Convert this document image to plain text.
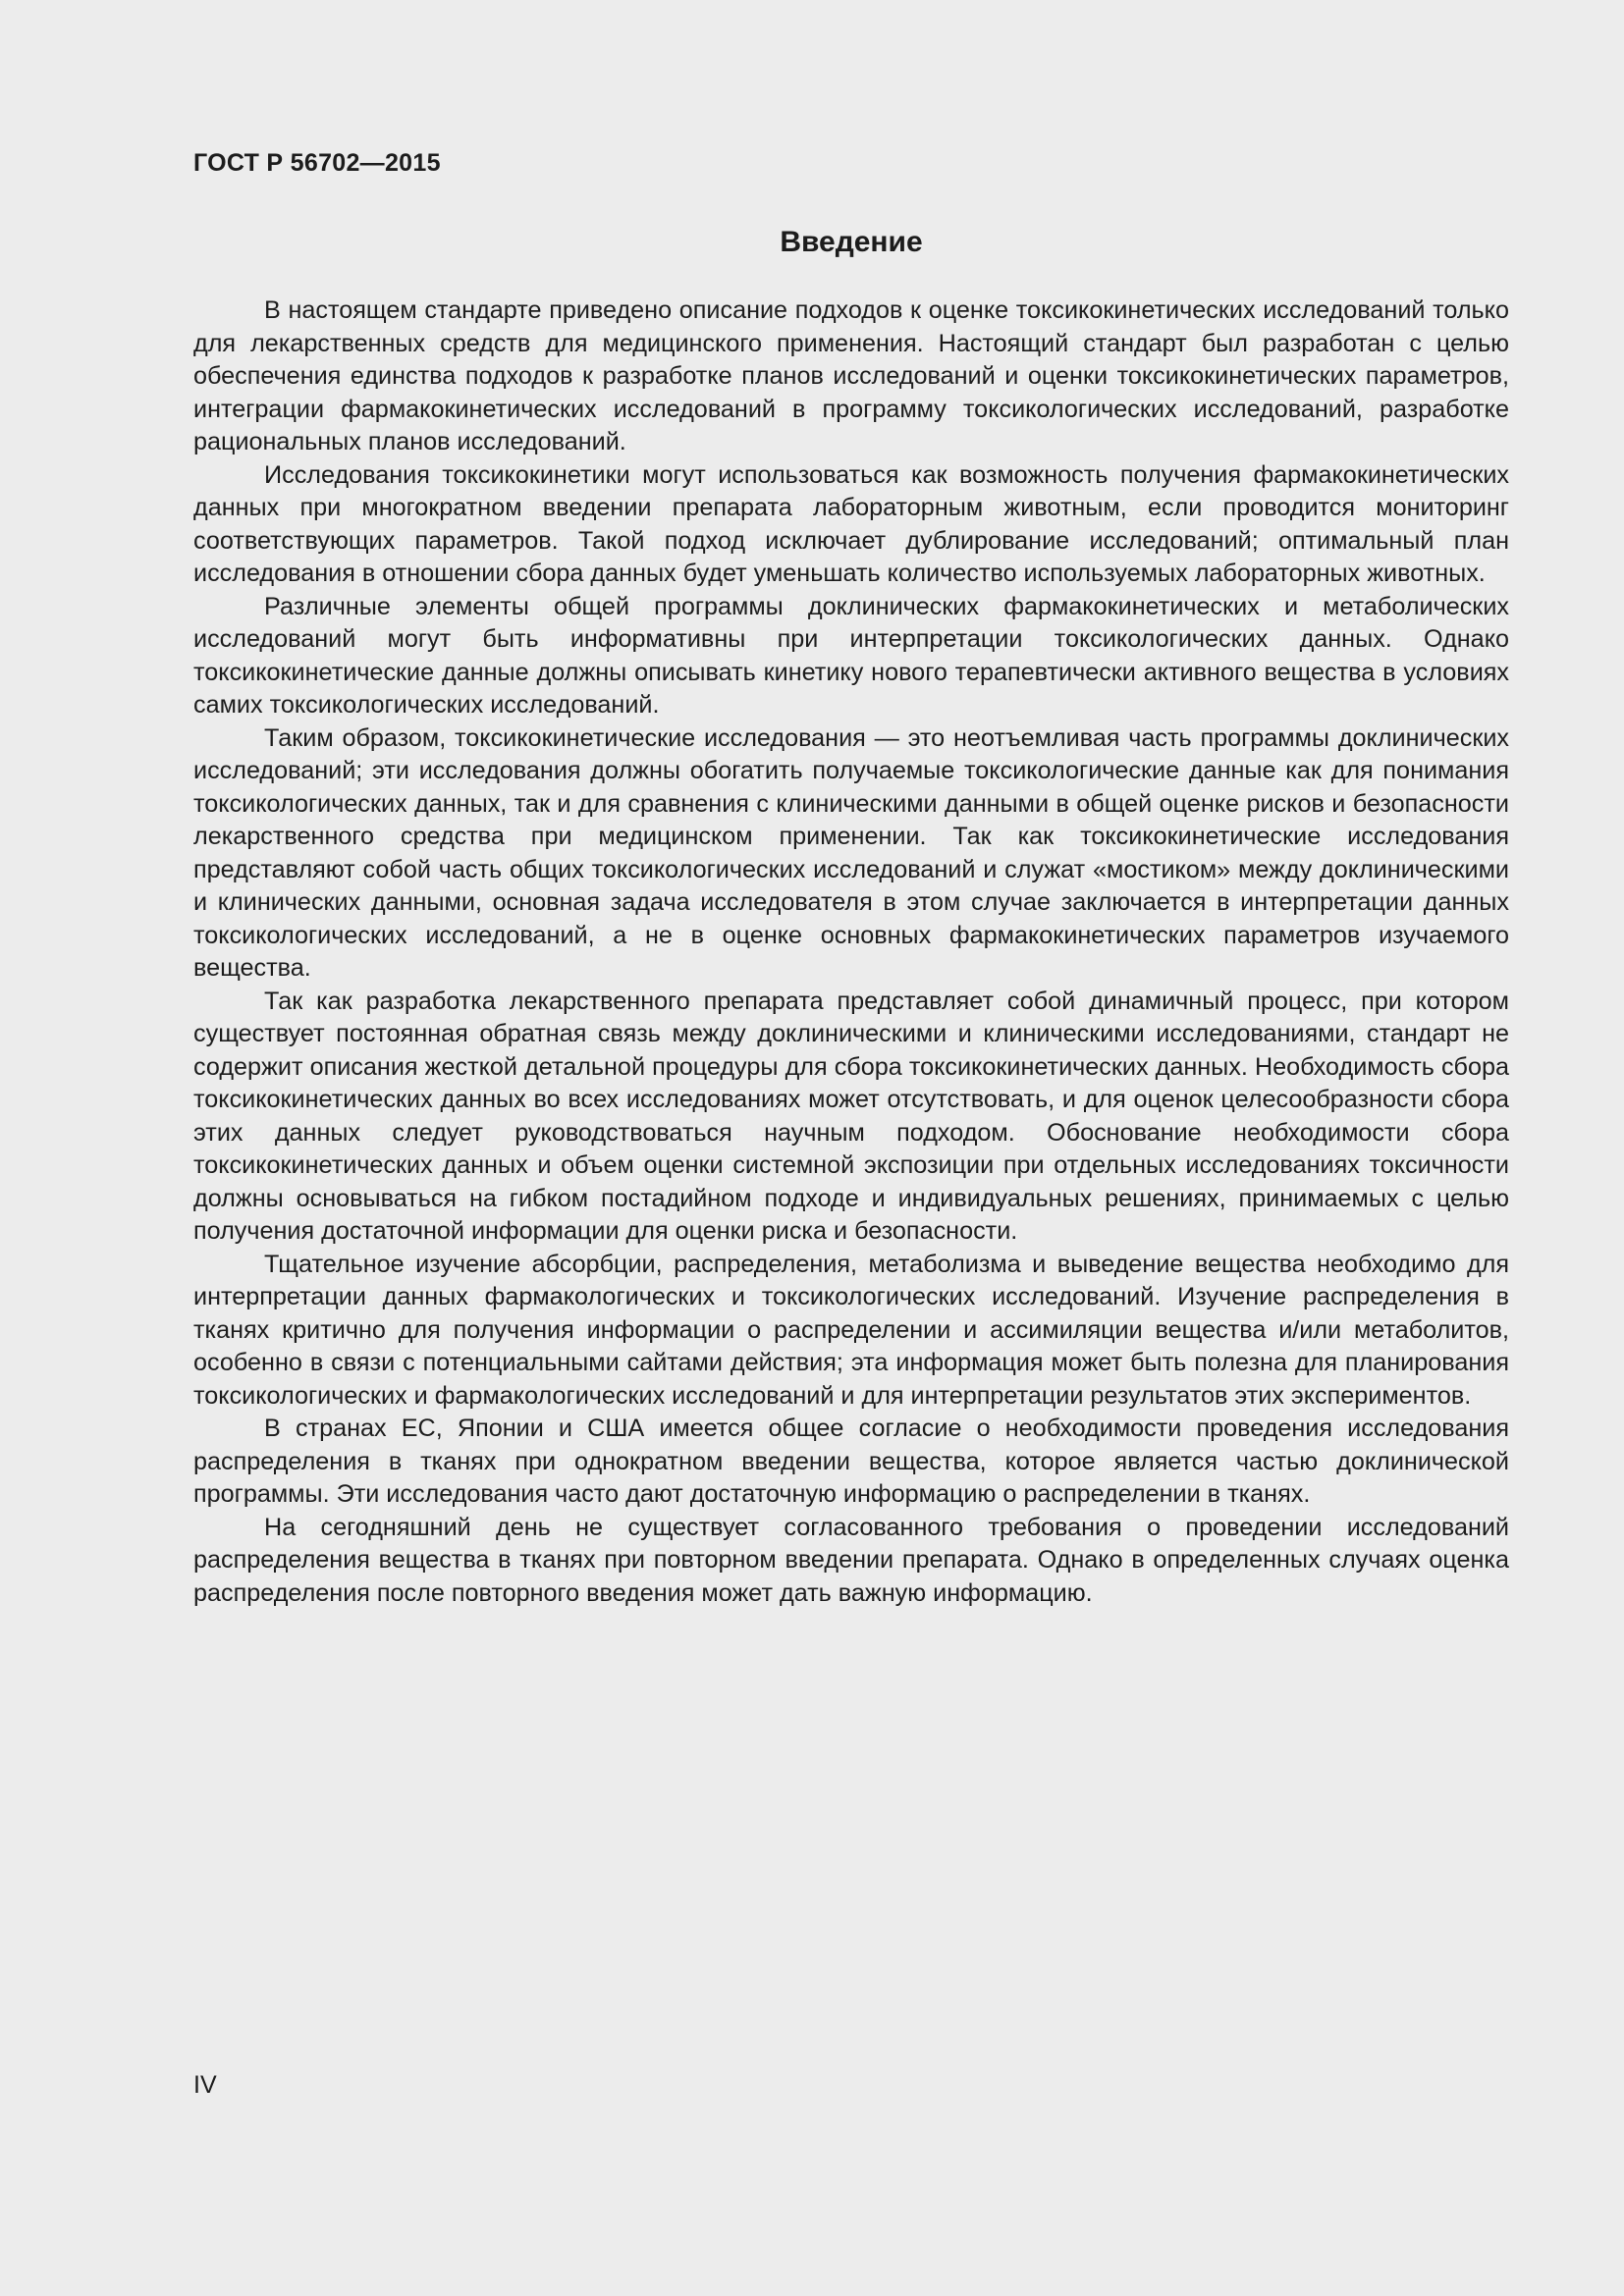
ГОСТ Р 56702—2015

Введение

В настоящем стандарте приведено описание подходов к оценке токсикокинетических исследований только для лекарственных средств для медицинского применения. Настоящий стандарт был разработан с целью обеспечения единства подходов к разработке планов исследований и оценки токсикокинетических параметров, интеграции фармакокинетических исследований в программу токсикологических исследований, разработке рациональных планов исследований.

Исследования токсикокинетики могут использоваться как возможность получения фармакокинетических данных при многократном введении препарата лабораторным животным, если проводится мониторинг соответствующих параметров. Такой подход исключает дублирование исследований; оптимальный план исследования в отношении сбора данных будет уменьшать количество используемых лабораторных животных.

Различные элементы общей программы доклинических фармакокинетических и метаболических исследований могут быть информативны при интерпретации токсикологических данных. Однако токсикокинетические данные должны описывать кинетику нового терапевтически активного вещества в условиях самих токсикологических исследований.

Таким образом, токсикокинетические исследования — это неотъемливая часть программы доклинических исследований; эти исследования должны обогатить получаемые токсикологические данные как для понимания токсикологических данных, так и для сравнения с клиническими данными в общей оценке рисков и безопасности лекарственного средства при медицинском применении. Так как токсикокинетические исследования представляют собой часть общих токсикологических исследований и служат «мостиком» между доклиническими и клинических данными, основная задача исследователя в этом случае заключается в интерпретации данных токсикологических исследований, а не в оценке основных фармакокинетических параметров изучаемого вещества.

Так как разработка лекарственного препарата представляет собой динамичный процесс, при котором существует постоянная обратная связь между доклиническими и клиническими исследованиями, стандарт не содержит описания жесткой детальной процедуры для сбора токсикокинетических данных. Необходимость сбора токсикокинетических данных во всех исследованиях может отсутствовать, и для оценок целесообразности сбора этих данных следует руководствоваться научным подходом. Обоснование необходимости сбора токсикокинетических данных и объем оценки системной экспозиции при отдельных исследованиях токсичности должны основываться на гибком постадийном подходе и индивидуальных решениях, принимаемых с целью получения достаточной информации для оценки риска и безопасности.

Тщательное изучение абсорбции, распределения, метаболизма и выведение вещества необходимо для интерпретации данных фармакологических и токсикологических исследований. Изучение распределения в тканях критично для получения информации о распределении и ассимиляции вещества и/или метаболитов, особенно в связи с потенциальными сайтами действия; эта информация может быть полезна для планирования токсикологических и фармакологических исследований и для интерпретации результатов этих экспериментов.

В странах ЕС, Японии и США имеется общее согласие о необходимости проведения исследования распределения в тканях при однократном введении вещества, которое является частью доклинической программы. Эти исследования часто дают достаточную информацию о распределении в тканях.

На сегодняшний день не существует согласованного требования о проведении исследований распределения вещества в тканях при повторном введении препарата. Однако в определенных случаях оценка распределения после повторного введения может дать важную информацию.

IV
